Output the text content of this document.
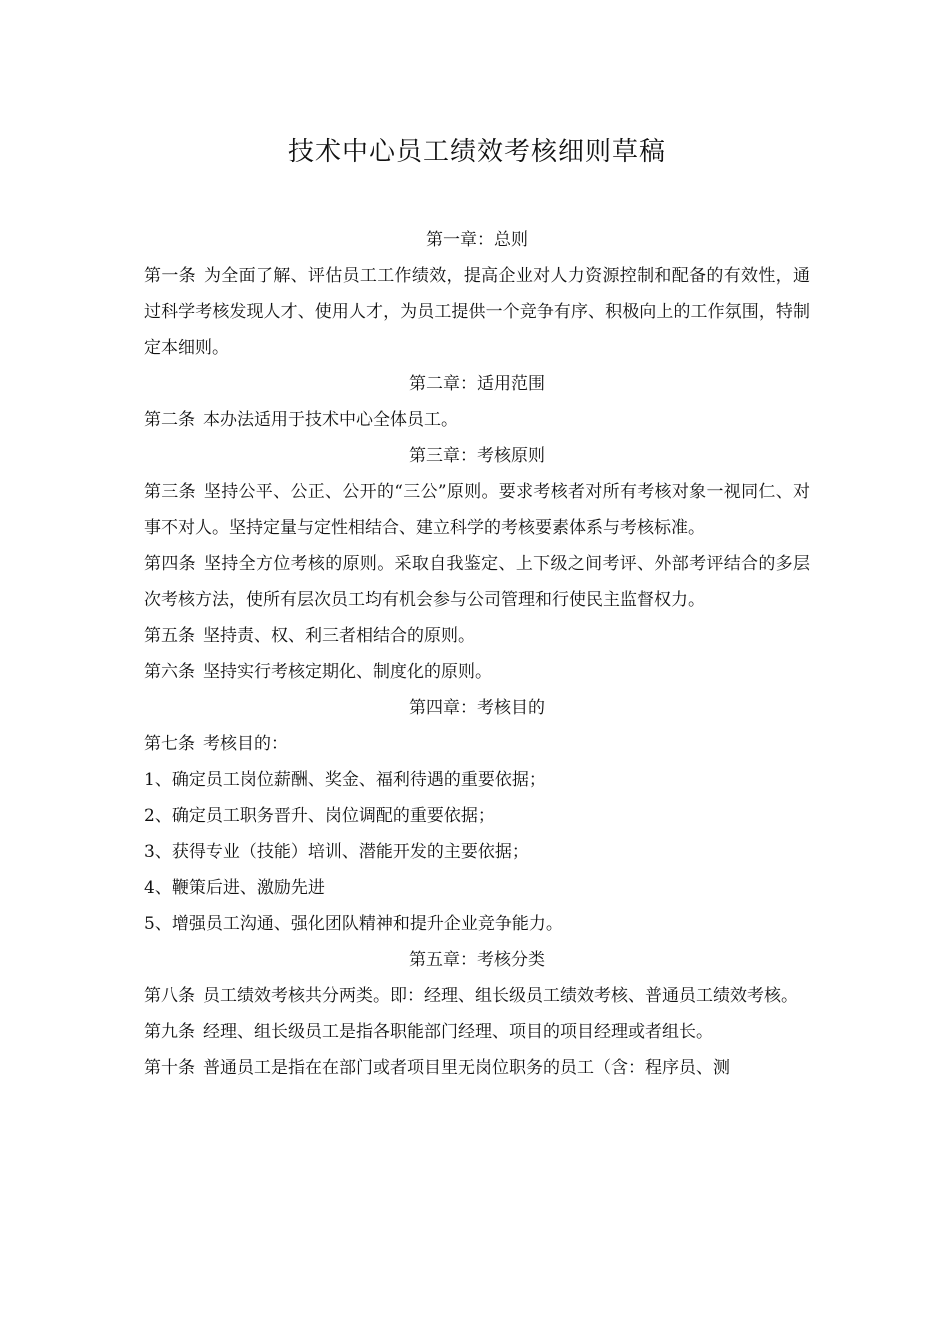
技术中心员工绩效考核细则草稿
第一章：总则
第一条 为全面了解、评估员工工作绩效，提高企业对人力资源控制和配备的有效性，通过科学考核发现人才、使用人才，为员工提供一个竞争有序、积极向上的工作氛围，特制定本细则。
第二章：适用范围
第二条 本办法适用于技术中心全体员工。
第三章：考核原则
第三条 坚持公平、公正、公开的“三公”原则。要求考核者对所有考核对象一视同仁、对事不对人。坚持定量与定性相结合、建立科学的考核要素体系与考核标准。
第四条 坚持全方位考核的原则。采取自我鉴定、上下级之间考评、外部考评结合的多层次考核方法，使所有层次员工均有机会参与公司管理和行使民主监督权力。
第五条 坚持责、权、利三者相结合的原则。
第六条 坚持实行考核定期化、制度化的原则。
第四章：考核目的
第七条 考核目的：
1、确定员工岗位薪酬、奖金、福利待遇的重要依据；
2、确定员工职务晋升、岗位调配的重要依据；
3、获得专业（技能）培训、潜能开发的主要依据；
4、鞭策后进、激励先进
5、增强员工沟通、强化团队精神和提升企业竞争能力。
第五章：考核分类
第八条 员工绩效考核共分两类。即：经理、组长级员工绩效考核、普通员工绩效考核。
第九条 经理、组长级员工是指各职能部门经理、项目的项目经理或者组长。
第十条 普通员工是指在在部门或者项目里无岗位职务的员工（含：程序员、测
